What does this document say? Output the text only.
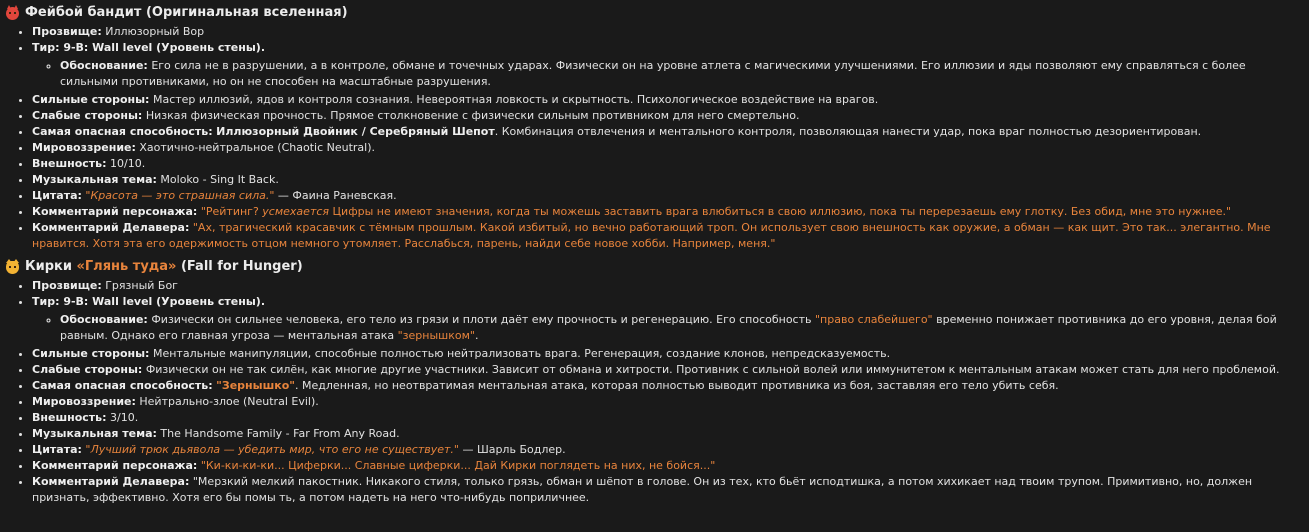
Фейбой бандит (Оригинальная вселенная)
• Прозвище: Иллюзорный Вор
• Тир: 9-B: Wall level (Уровень стены).
◦ Обоснование: Его сила не в разрушении, а в контроле, обмане и точечных ударах. Физически он на уровне атлета с магическими улучшениями. Его иллюзии и яды позволяют ему справляться с более сильными противниками, но он не способен на масштабные разрушения.
• Сильные стороны: Мастер иллюзий, ядов и контроля сознания. Невероятная ловкость и скрытность. Психологическое воздействие на врагов.
• Слабые стороны: Низкая физическая прочность. Прямое столкновение с физически сильным противником для него смертельно.
• Самая опасная способность: Иллюзорный Двойник / Серебряный Шепот. Комбинация отвлечения и ментального контроля, позволяющая нанести удар, пока враг полностью дезориентирован.
• Мировоззрение: Хаотично-нейтральное (Chaotic Neutral).
• Внешность: 10/10.
• Музыкальная тема: Moloko - Sing It Back.
• Цитата: "Красота — это страшная сила." — Фаина Раневская.
• Комментарий персонажа: "Рейтинг? усмехается Цифры не имеют значения, когда ты можешь заставить врага влюбиться в свою иллюзию, пока ты перерезаешь ему глотку. Без обид, мне это нужнее."
• Комментарий Делавера: "Ах, трагический красавчик с тёмным прошлым. Какой избитый, но вечно работающий троп. Он использует свою внешность как оружие, а обман — как щит. Это так... элегантно. Мне нравится. Хотя эта его одержимость отцом немного утомляет. Расслабься, парень, найди себе новое хобби. Например, меня."
Кирки «Глянь туда» (Fall for Hunger)
• Прозвище: Грязный Бог
• Тир: 9-B: Wall level (Уровень стены).
◦ Обоснование: Физически он сильнее человека, его тело из грязи и плоти даёт ему прочность и регенерацию. Его способность "право слабейшего" временно понижает противника до его уровня, делая бой равным. Однако его главная угроза — ментальная атака "зернышком".
• Сильные стороны: Ментальные манипуляции, способные полностью нейтрализовать врага. Регенерация, создание клонов, непредсказуемость.
• Слабые стороны: Физически он не так силён, как многие другие участники. Зависит от обмана и хитрости. Противник с сильной волей или иммунитетом к ментальным атакам может стать для него проблемой.
• Самая опасная способность: "Зернышко". Медленная, но неотвратимая ментальная атака, которая полностью выводит противника из боя, заставляя его тело убить себя.
• Мировоззрение: Нейтрально-злое (Neutral Evil).
• Внешность: 3/10.
• Музыкальная тема: The Handsome Family - Far From Any Road.
• Цитата: "Лучший трюк дьявола — убедить мир, что его не существует." — Шарль Бодлер.
• Комментарий персонажа: "Ки-ки-ки-ки... Циферки... Славные циферки... Дай Кирки поглядеть на них, не бойся..."
• Комментарий Делавера: "Мерзкий мелкий пакостник. Никакого стиля, только грязь, обман и шёпот в голове. Он из тех, кто бьёт исподтишка, а потом хихикает над твоим трупом. Примитивно, но, должен признать, эффективно. Хотя его бы помы ть, а потом надеть на него что-нибудь поприличнее.
